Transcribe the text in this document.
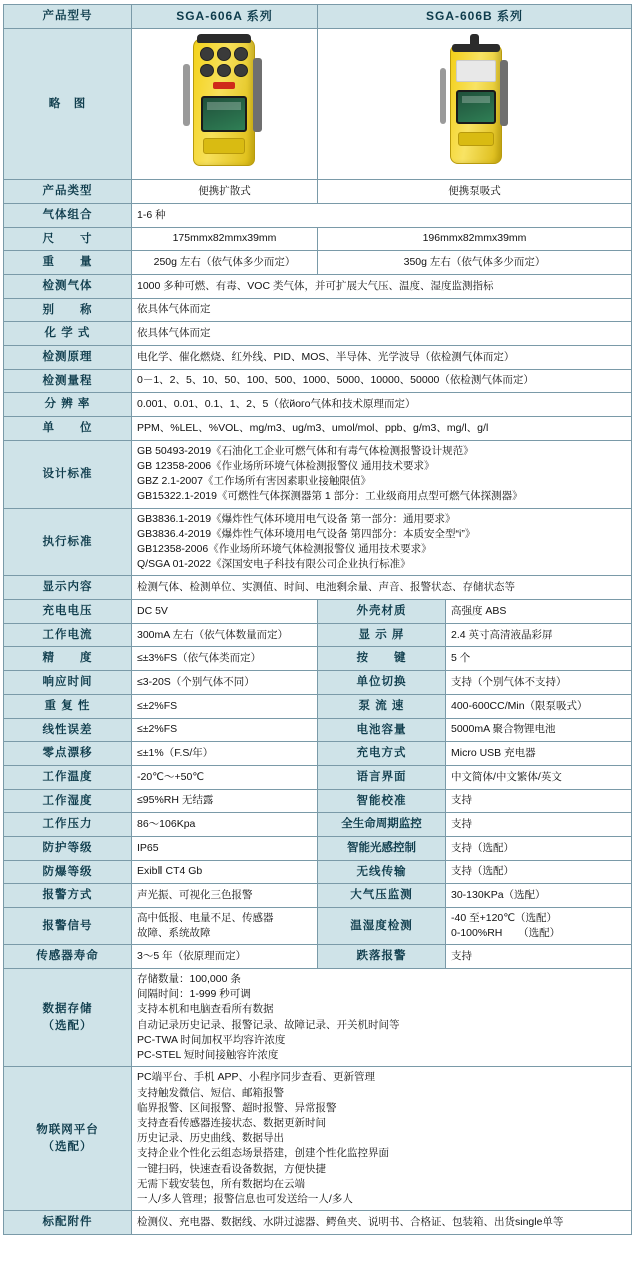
产品型号	SGA-606A 系列	SGA-606B 系列	
略　图		

产品类型	便携扩散式	便携泵吸式	
气体组合	1-6 种		
尺　　寸	175mmx82mmx39mm	196mmx82mmx39mm	
重　　量	250g 左右（依气体多少而定）	350g 左右（依气体多少而定）	
检测气体	1000 多种可燃、有毒、VOC 类气体，并可扩展大气压、温度、湿度监测指标		
别　　称	依具体气体而定		
化 学 式	依具体气体而定		
检测原理	电化学、催化燃烧、红外线、PID、MOS、半导体、光学波导（依检测气体而定）		
检测量程	0－1、2、5、10、50、100、500、1000、5000、10000、50000（依检测气体而定）		
分 辨 率	0.001、0.01、0.1、1、2、5（依його气体和技术原理而定）		
单　　位	PPM、%LEL、%VOL、mg/m3、ug/m3、umol/mol、ppb、g/m3、mg/l、g/l		
设计标准	GB 50493-2019《石油化工企业可燃气体和有毒气体检测报警设计规范》
GB 12358-2006《作业场所环境气体检测报警仪 通用技术要求》
GBZ 2.1-2007《工作场所有害因素职业接触限值》
GB15322.1-2019《可燃性气体探测器第 1 部分：工业级商用点型可燃气体探测器》		

执行标准	GB3836.1-2019《爆炸性气体环境用电气设备 第一部分：通用要求》
GB3836.4-2019《爆炸性气体环境用电气设备 第四部分：本质安全型“i”》
GB12358-2006《作业场所环境气体检测报警仪 通用技术要求》
Q/SGA 01-2022《深国安电子科技有限公司企业执行标准》		

显示内容	检测气体、检测单位、实测值、时间、电池剩余量、声音、报警状态、存储状态等		
充电电压	DC 5V	外壳材质	高强度 ABS
工作电流	300mA 左右（依气体数量而定）	显 示 屏	2.4 英寸高清液晶彩屏
精　　度	≤±3%FS（依气体类而定）	按　　键	5 个
响应时间	≤3-20S（个别气体不同）	单位切换	支持（个别气体不支持）
重 复 性	≤±2%FS	泵 流 速	400-600CC/Min（限泵吸式）
线性误差	≤±2%FS	电池容量	5000mA 聚合物锂电池
零点漂移	≤±1%（F.S/年）	充电方式	Micro USB 充电器
工作温度	-20℃～+50℃	语言界面	中文简体/中文繁体/英文
工作湿度	≤95%RH 无结露	智能校准	支持
工作压力	86～106Kpa	全生命周期监控	支持
防护等级	IP65	智能光感控制	支持（选配）
防爆等级	ExibⅡ CT4 Gb	无线传输	支持（选配）
报警方式	声光振、可视化三色报警	大气压监测	30-130KPa（选配）
报警信号	高中低报、电量不足、传感器
故障、系统故障	温湿度检测	-40 至+120℃（选配）
0-100%RH　　（选配）

传感器寿命	3～5 年（依原理而定）	跌落报警	支持

数据存储
（选配）

存储数量：100,000 条
间隔时间：1-999 秒可调
支持本机和电脑查看所有数据
自动记录历史记录、报警记录、故障记录、开关机时间等
PC-TWA 时间加权平均容许浓度
PC-STEL 短时间接触容许浓度

物联网平台
（选配）

PC端平台、手机 APP、小程序同步查看、更新管理
支持触发微信、短信、邮箱报警
临界报警、区间报警、超时报警、异常报警
支持查看传感器连接状态、数据更新时间
历史记录、历史曲线、数据导出
支持企业个性化云组态场景搭建，创建个性化监控界面
一键扫码，快速查看设备数据，方便快捷
无需下载安装包，所有数据均在云端
一人/多人管理；报警信息也可发送给一人/多人

标配附件	检测仪、充电器、数据线、水阱过滤器、鳄鱼夹、说明书、合格证、包装箱、出货single单等		
